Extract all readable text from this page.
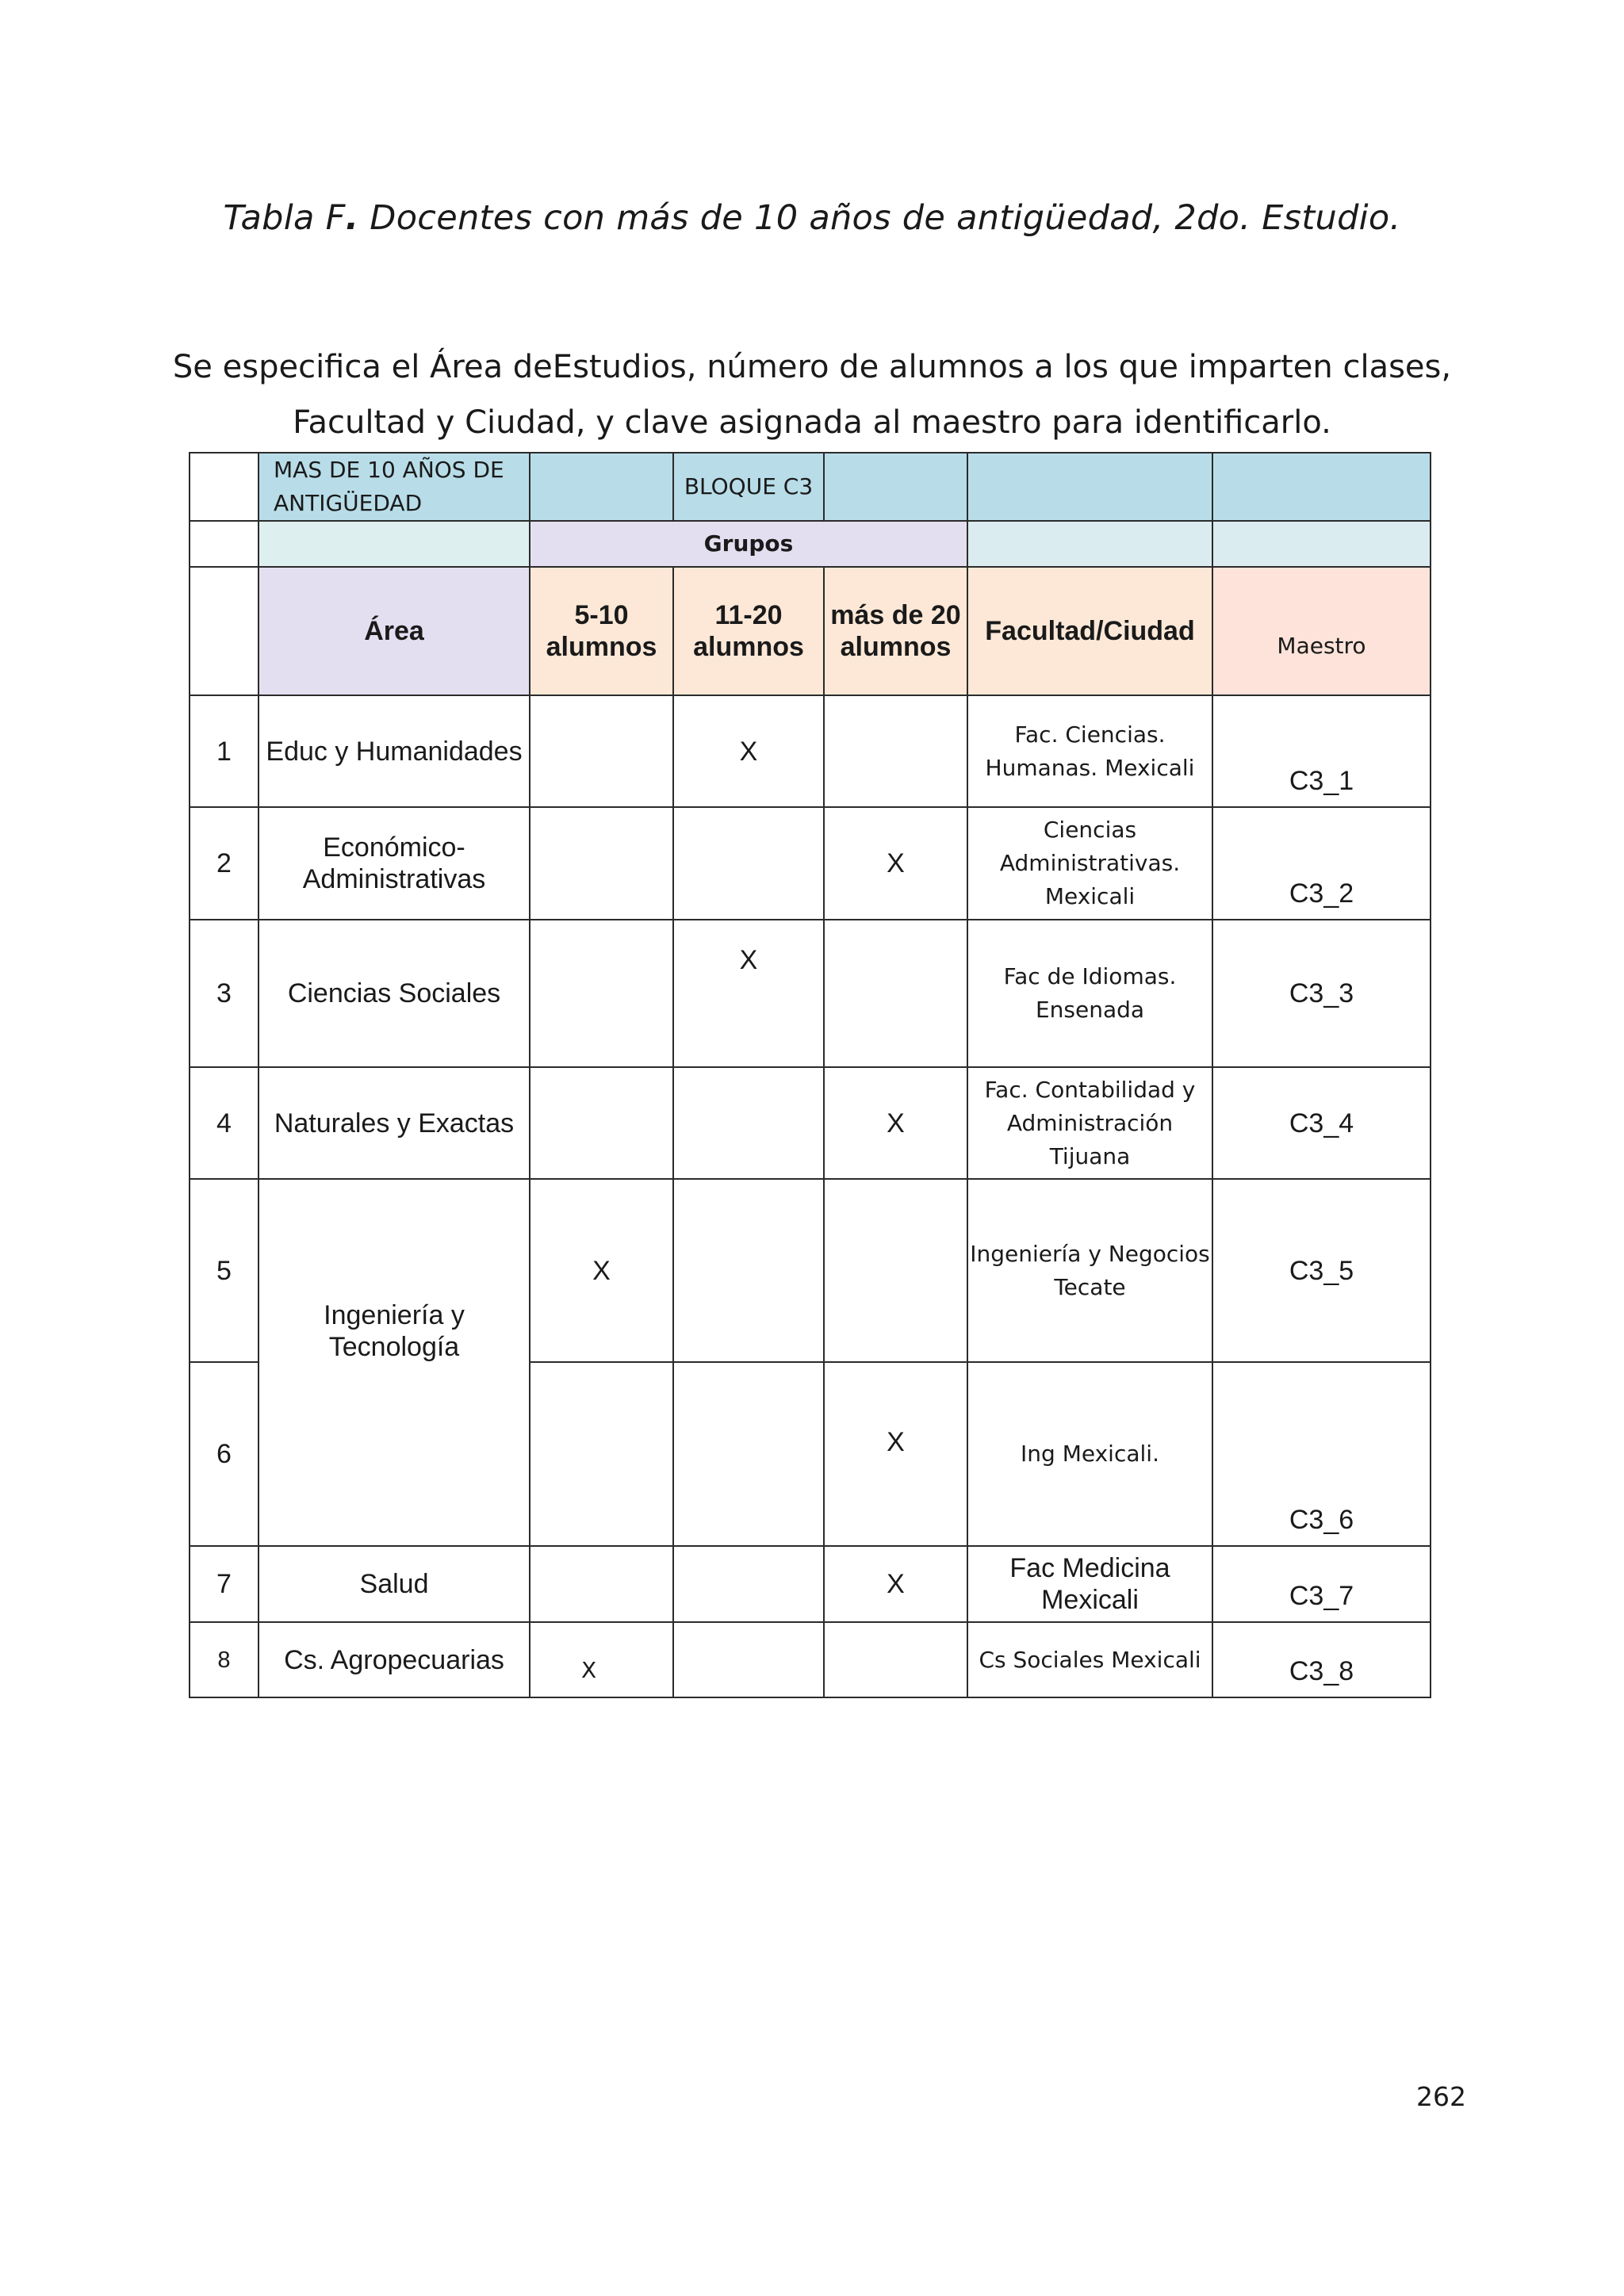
Tabla F. Docentes con más de 10 años de antigüedad, 2do. Estudio.
Se especifica el Área deEstudios, número de alumnos a los que imparten clases,
Facultad y Ciudad, y clave asignada al maestro para identificarlo.
	MAS DE 10 AÑOS DE ANTIGÜEDAD		BLOQUE C3			
		Grupos				
	Área	5-10 alumnos	11-20 alumnos	más de 20 alumnos	Facultad/Ciudad	Maestro
1	Educ y Humanidades		X		Fac. Ciencias. Humanas. Mexicali	C3_1
2	Económico-Administrativas			X	Ciencias Administrativas. Mexicali	C3_2
3	Ciencias Sociales		X		Fac de Idiomas. Ensenada	C3_3
4	Naturales y Exactas			X	Fac. Contabilidad y Administración Tijuana	C3_4
5	Ingeniería y Tecnología	X			Ingeniería y Negocios Tecate	C3_5
6				X	Ing Mexicali.	C3_6
7	Salud			X	Fac Medicina Mexicali	C3_7
8	Cs. Agropecuarias	X			Cs Sociales Mexicali	C3_8
262
